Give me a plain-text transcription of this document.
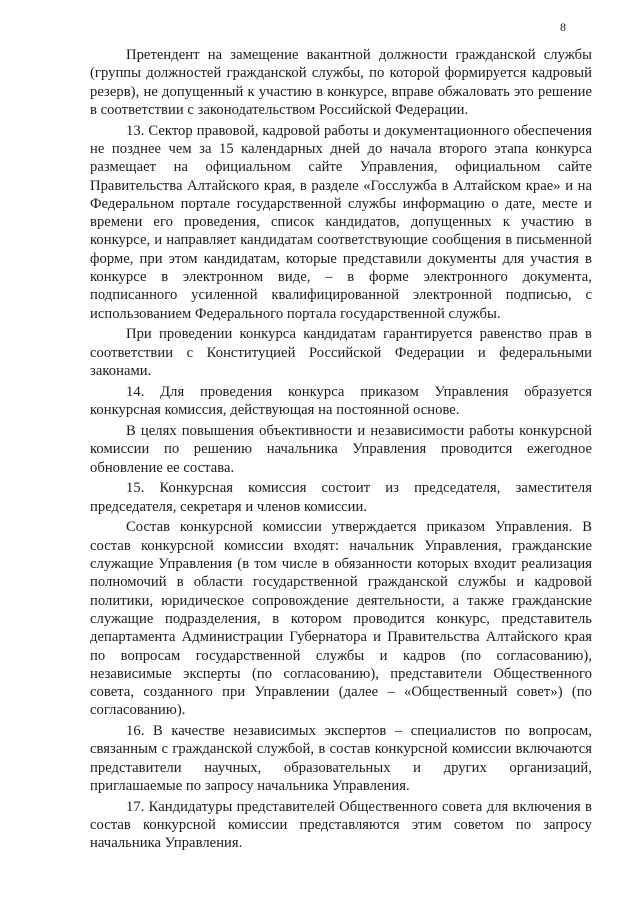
8

Претендент на замещение вакантной должности гражданской службы (группы должностей гражданской службы, по которой формируется кадровый резерв), не допущенный к участию в конкурсе, вправе обжаловать это решение в соответствии с законодательством Российской Федерации.

13. Сектор правовой, кадровой работы и документационного обеспечения не позднее чем за 15 календарных дней до начала второго этапа конкурса размещает на официальном сайте Управления, официальном сайте Правительства Алтайского края, в разделе «Госслужба в Алтайском крае» и на Федеральном портале государственной службы информацию о дате, месте и времени его проведения, список кандидатов, допущенных к участию в конкурсе, и направляет кандидатам соответствующие сообщения в письменной форме, при этом кандидатам, которые представили документы для участия в конкурсе в электронном виде, – в форме электронного документа, подписанного усиленной квалифицированной электронной подписью, с использованием Федерального портала государственной службы.

При проведении конкурса кандидатам гарантируется равенство прав в соответствии с Конституцией Российской Федерации и федеральными законами.

14. Для проведения конкурса приказом Управления образуется конкурсная комиссия, действующая на постоянной основе.

В целях повышения объективности и независимости работы конкурсной комиссии по решению начальника Управления проводится ежегодное обновление ее состава.

15. Конкурсная комиссия состоит из председателя, заместителя председателя, секретаря и членов комиссии.

Состав конкурсной комиссии утверждается приказом Управления. В состав конкурсной комиссии входят: начальник Управления, гражданские служащие Управления (в том числе в обязанности которых входит реализация полномочий в области государственной гражданской службы и кадровой политики, юридическое сопровождение деятельности, а также гражданские служащие подразделения, в котором проводится конкурс, представитель департамента Администрации Губернатора и Правительства Алтайского края по вопросам государственной службы и кадров (по согласованию), независимые эксперты (по согласованию), представители Общественного совета, созданного при Управлении (далее – «Общественный совет») (по согласованию).

16. В качестве независимых экспертов – специалистов по вопросам, связанным с гражданской службой, в состав конкурсной комиссии включаются представители научных, образовательных и других организаций, приглашаемые по запросу начальника Управления.

17. Кандидатуры представителей Общественного совета для включения в состав конкурсной комиссии представляются этим советом по запросу начальника Управления.
